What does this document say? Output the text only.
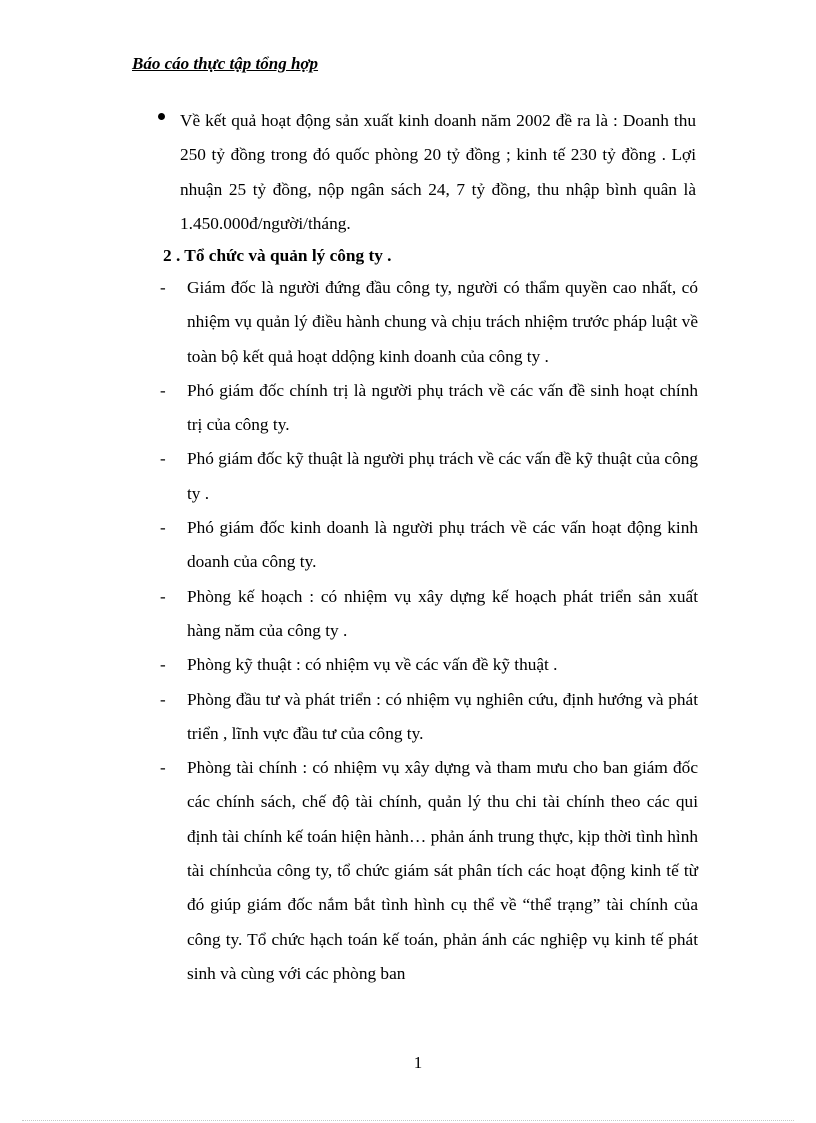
Báo cáo thực tập tổng hợp
Về kết quả hoạt động sản xuất kinh doanh năm 2002 đề ra là : Doanh thu 250 tỷ đồng trong đó quốc phòng 20 tỷ đồng ; kinh tế 230 tỷ đồng . Lợi nhuận 25 tỷ đồng, nộp ngân sách 24, 7 tỷ đồng, thu nhập bình quân là 1.450.000đ/người/tháng.
2 . Tổ chức và quản lý công ty .
- Giám đốc là người đứng đầu công ty, người có thẩm quyền cao nhất, có nhiệm vụ quản lý điều hành chung và chịu trách nhiệm trước pháp luật về toàn bộ kết quả hoạt ddộng kinh doanh của công ty .
- Phó giám đốc chính trị là người phụ trách về các vấn đề sinh hoạt chính trị của công ty.
- Phó giám đốc kỹ thuật là người phụ trách về các vấn đề kỹ thuật của công ty .
- Phó giám đốc kinh doanh là người phụ trách về các vấn hoạt động kinh doanh của công ty.
- Phòng kế hoạch : có nhiệm vụ xây dựng kế hoạch phát triển sản xuất hàng năm của công ty .
- Phòng kỹ thuật : có nhiệm vụ về các vấn đề kỹ thuật .
- Phòng đầu tư và phát triển : có nhiệm vụ nghiên cứu, định hướng và phát triển , lĩnh vực đầu tư của công ty.
- Phòng tài chính : có nhiệm vụ xây dựng và tham mưu cho ban giám đốc các chính sách, chế độ tài chính, quản lý thu chi tài chính theo các qui định tài chính kế toán hiện hành… phản ánh trung thực, kịp thời tình hình tài chínhcủa công ty, tổ chức giám sát phân tích các hoạt động kinh tế từ đó giúp giám đốc nắm bắt tình hình cụ thể về “thể trạng” tài chính của công ty. Tổ chức hạch toán kế toán, phản ánh các nghiệp vụ kinh tế phát sinh và cùng với các phòng ban
1
